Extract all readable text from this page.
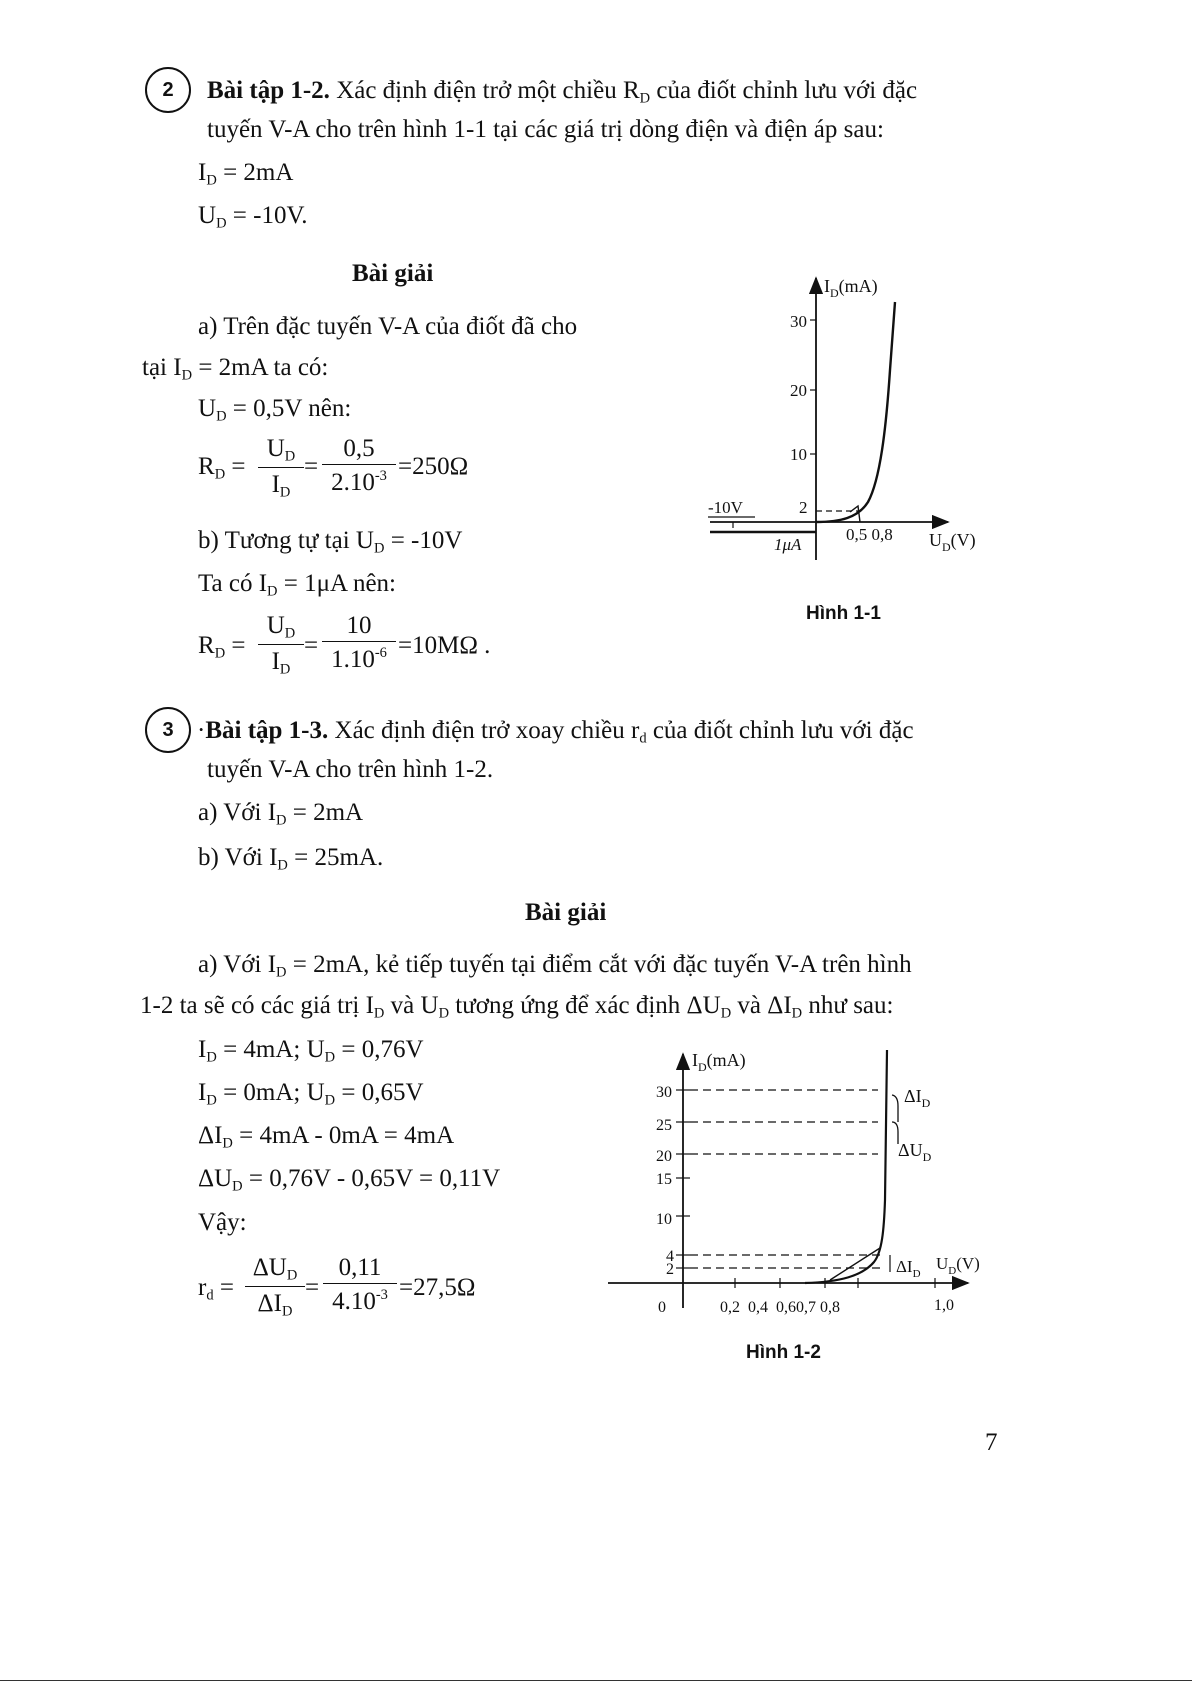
2	Bài tập 1-2. Xác định điện trở một chiều $R_D$ của điốt chỉnh lưu với đặc
tuyến V-A cho trên hình 1-1 tại các giá trị dòng điện và điện áp sau:
$I_D = 2mA$
$U_D = -10V$.
Bài giải
a) Trên đặc tuyến V-A của điốt đã cho
tại $I_D = 2mA$ ta có:
$U_D = 0,5V$ nên:
$R_D$ =
$U_D$
$I_D$
=
0,5
$2.10^{-3} =250\Omega$
b) Tương tự tại $U_D = -10V$
Ta có $I_D = 1\mu A$ nên:
$R_D$ =
$U_D$
$I_D$
=
10
$1.10^{-6} =10M\Omega$ .
$I_D(mA)$
30
20
10
2
-10V
1μA
0,5 0,8 $U_D(V)$
Hình 1-1
3 ·Bài tập 1-3. Xác định điện trở xoay chiều $r_d$ của điốt chỉnh lưu với đặc
tuyến V-A cho trên hình 1-2.
a) Với $I_D = 2mA$
b) Với $I_D = 25mA$.
Bài giải
a) Với $I_D = 2mA$, kẻ tiếp tuyến tại điểm cắt với đặc tuyến V-A trên hình
1-2 ta sẽ có các giá trị $I_D$ và $U_D$ tương ứng để xác định $\Delta U_D$ và $\Delta I_D$ như sau:
$I_D = 4mA$; $U_D = 0,76V$
$I_D = 0mA$; $U_D = 0,65V$
$\Delta I_D = 4mA - 0mA = 4mA$
$\Delta U_D = 0,76V - 0,65V = 0,11V$
Vậy:
$r_d$ =
$\Delta U_D$
$\Delta I_D$
=
0,11
$4.10^{-3} =27,5\Omega$
$I_D(mA)$
30
25
20
15
10
4
2
0	0,2  0,4  0,60,7 0,8	1,0
$\Delta I_D$
$\Delta U_D$
$\Delta I_D$
$U_D(V)$
Hình 1-2
7
